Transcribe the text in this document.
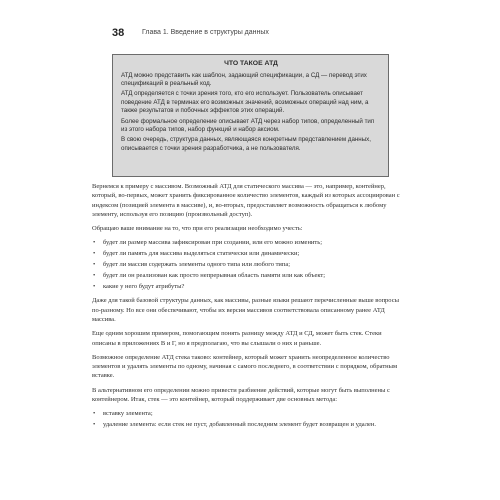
38	Глава 1. Введение в структуры данных
ЧТО ТАКОЕ АТД

АТД можно представить как шаблон, задающий спецификации, а СД — перевод этих спецификаций в реальный код.

АТД определяется с точки зрения того, кто его использует. Пользователь описывает поведение АТД в терминах его возможных значений, возможных операций над ним, а также результатов и побочных эффектов этих операций.

Более формальное определение описывает АТД через набор типов, определенный тип из этого набора типов, набор функций и набор аксиом.

В свою очередь, структура данных, являющаяся конкретным представлением данных, описывается с точки зрения разработчика, а не пользователя.

Вернемся к примеру с массивом. Возможный АТД для статического массива — это, например, контейнер, который, во-первых, может хранить фиксированное количество элементов, каждый из которых ассоциирован с индексом (позицией элемента в массиве), и, во-вторых, предоставляет возможность обращаться к любому элементу, используя его позицию (произвольный доступ).

Обращаю ваше внимание на то, что при его реализации необходимо учесть:

• будет ли размер массива зафиксирован при создании, или его можно изменить;
• будет ли память для массива выделяться статически или динамически;
• будет ли массив содержать элементы одного типа или любого типа;
• будет ли он реализован как просто непрерывная область памяти или как объект;
• какие у него будут атрибуты?

Даже для такой базовой структуры данных, как массивы, разные языки решают перечисленные выше вопросы по-разному. Но все они обеспечивают, чтобы их версия массивов соответствовала описанному ранее АТД массива.

Еще одним хорошим примером, помогающим понять разницу между АТД и СД, может быть стек. Стеки описаны в приложениях В и Г, но я предполагаю, что вы слышали о них и раньше.

Возможное определение АТД стека таково: контейнер, который может хранить неопределенное количество элементов и удалять элементы по одному, начиная с самого последнего, в соответствии с порядком, обратным вставке.

В альтернативном его определении можно привести разбиение действий, которые могут быть выполнены с контейнером. Итак, стек — это контейнер, который поддерживает две основных метода:

• вставку элемента;
• удаление элемента: если стек не пуст, добавленный последним элемент будет возвращен и удален.
